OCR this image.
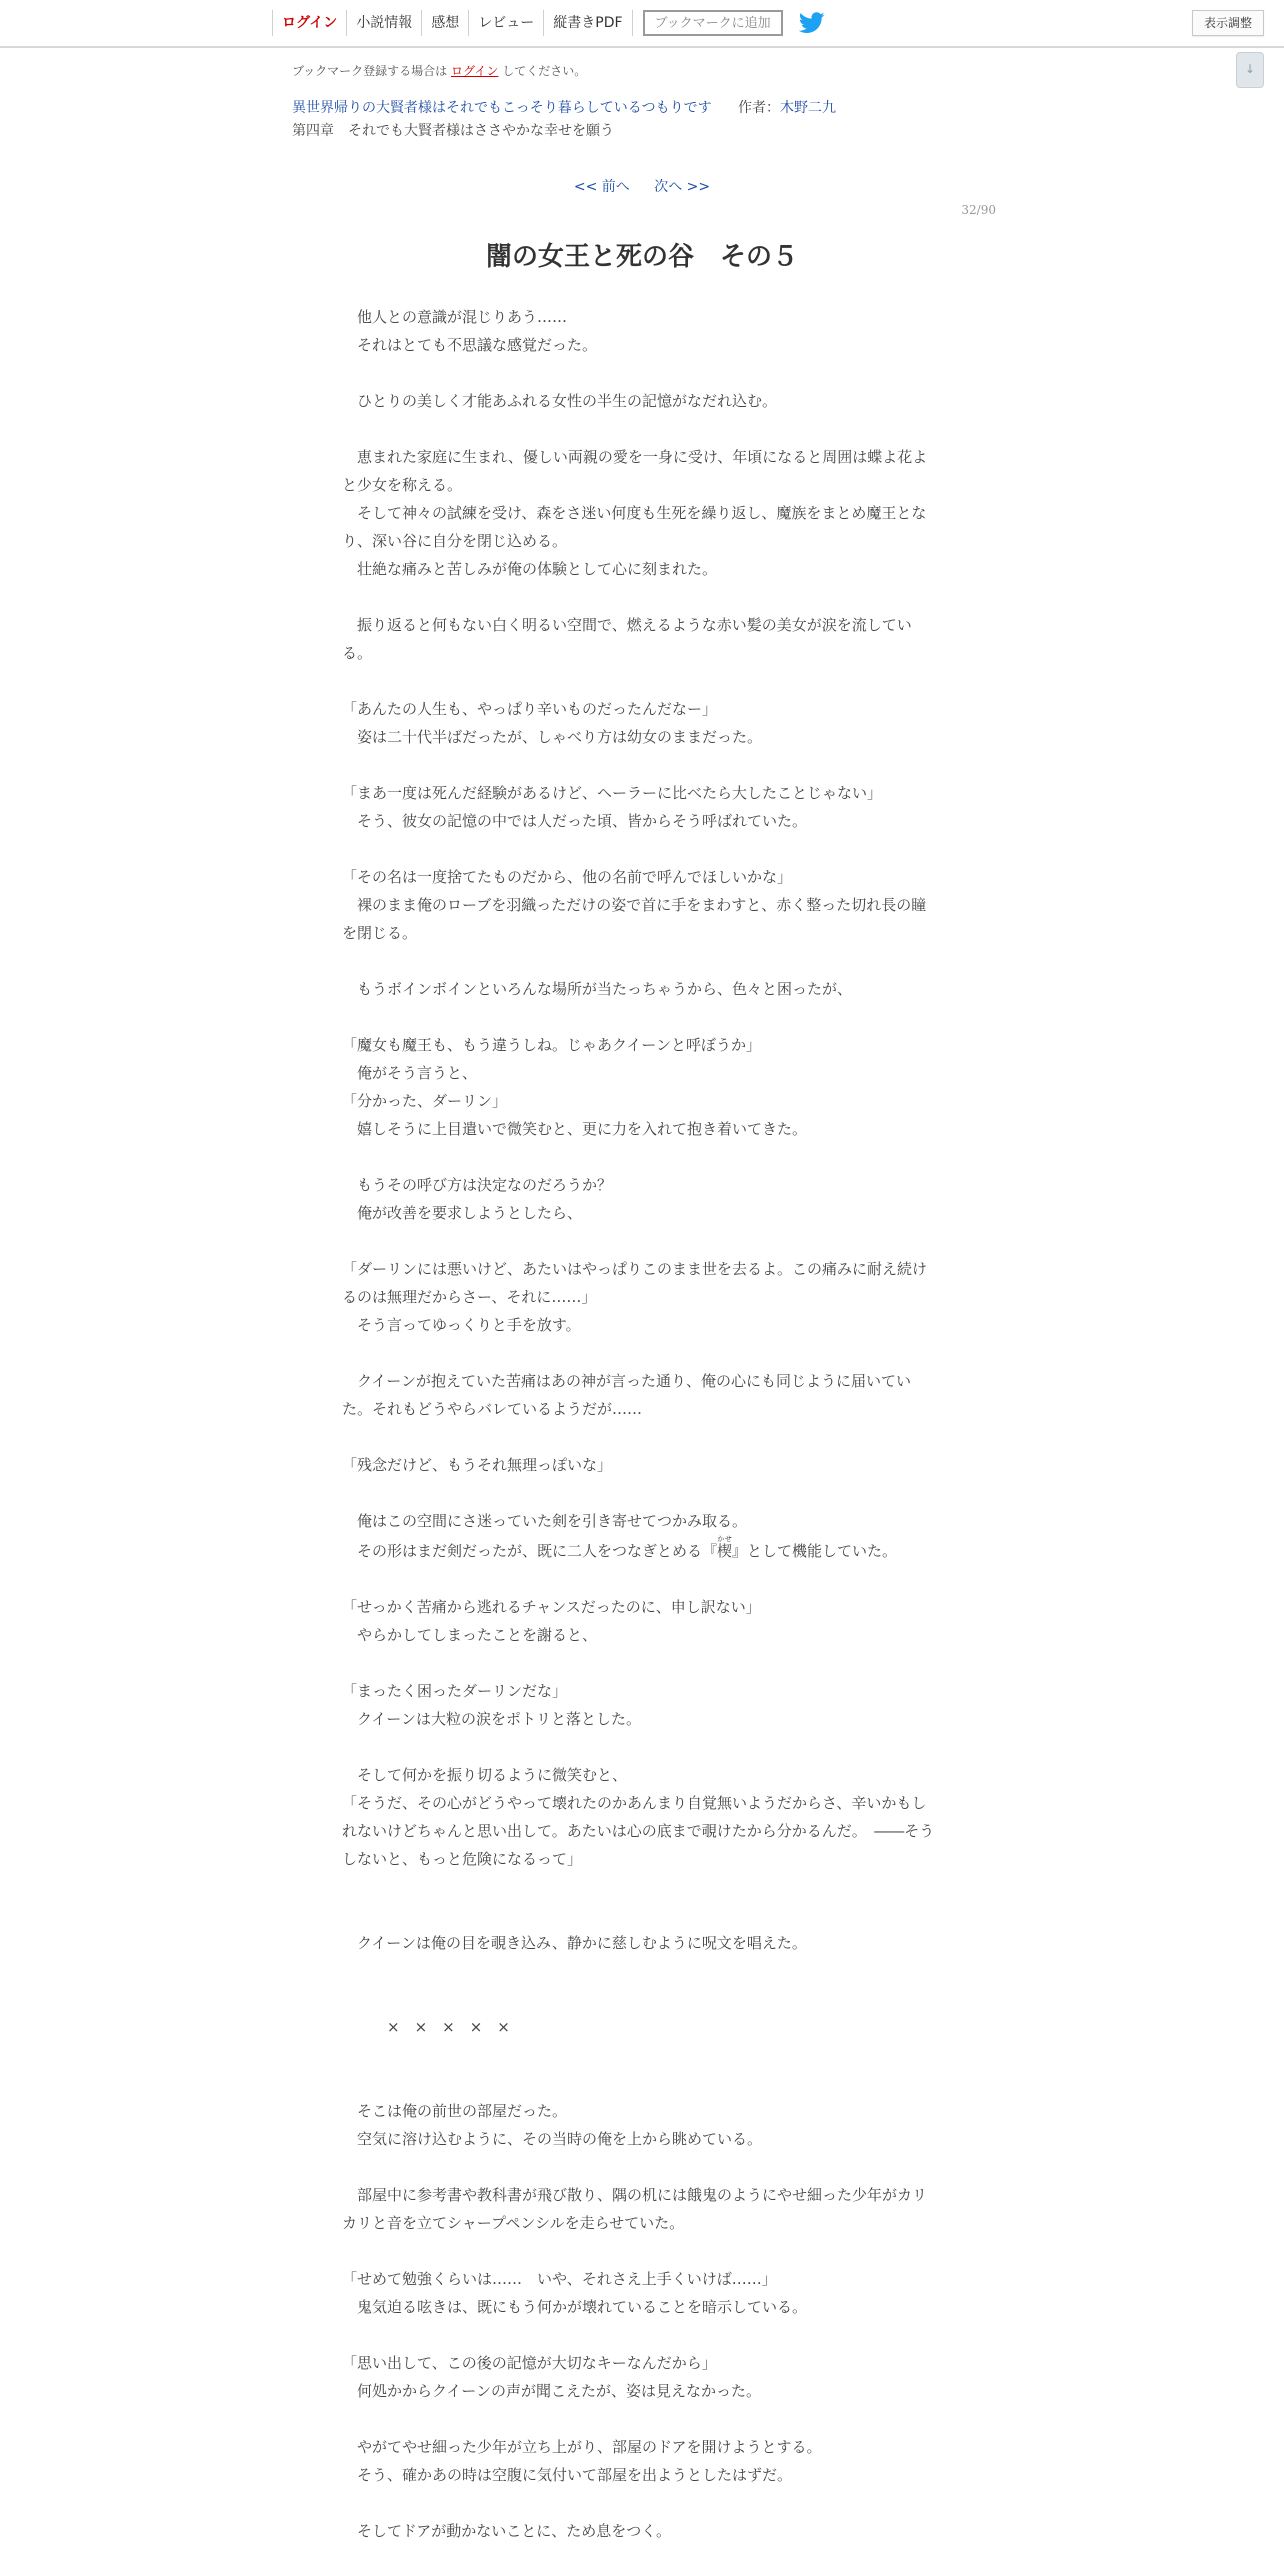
ログイン	小説情報	感想	レビュー	縦書きPDF	ブックマークに追加	表示調整
↓
ブックマーク登録する場合は ログイン してください。
異世界帰りの大賢者様はそれでもこっそり暮らしているつもりです 作者：木野二九
第四章　それでも大賢者様はささやかな幸せを願う
<< 前へ 次へ >>
32/90
闇の女王と死の谷　その５
他人との意識が混じりあう……
それはとても不思議な感覚だった。
ひとりの美しく才能あふれる女性の半生の記憶がなだれ込む。
恵まれた家庭に生まれ、優しい両親の愛を一身に受け、年頃になると周囲は蝶よ花よと少女を称える。
そして神々の試練を受け、森をさ迷い何度も生死を繰り返し、魔族をまとめ魔王となり、深い谷に自分を閉じ込める。
壮絶な痛みと苦しみが俺の体験として心に刻まれた。
振り返ると何もない白く明るい空間で、燃えるような赤い髪の美女が涙を流している。
「あんたの人生も、やっぱり辛いものだったんだなー」
姿は二十代半ばだったが、しゃべり方は幼女のままだった。
「まあ一度は死んだ経験があるけど、ヘーラーに比べたら大したことじゃない」
そう、彼女の記憶の中では人だった頃、皆からそう呼ばれていた。
「その名は一度捨てたものだから、他の名前で呼んでほしいかな」
裸のまま俺のローブを羽織っただけの姿で首に手をまわすと、赤く整った切れ長の瞳を閉じる。
もうボインボインといろんな場所が当たっちゃうから、色々と困ったが、
「魔女も魔王も、もう違うしね。じゃあクイーンと呼ぼうか」
俺がそう言うと、
「分かった、ダーリン」
嬉しそうに上目遣いで微笑むと、更に力を入れて抱き着いてきた。
もうその呼び方は決定なのだろうか？
俺が改善を要求しようとしたら、
「ダーリンには悪いけど、あたいはやっぱりこのまま世を去るよ。この痛みに耐え続けるのは無理だからさー、それに……」
そう言ってゆっくりと手を放す。
クイーンが抱えていた苦痛はあの神が言った通り、俺の心にも同じように届いていた。それもどうやらバレているようだが……
「残念だけど、もうそれ無理っぽいな」
俺はこの空間にさ迷っていた剣を引き寄せてつかみ取る。
その形はまだ剣だったが、既に二人をつなぎとめる『楔かせ』として機能していた。
「せっかく苦痛から逃れるチャンスだったのに、申し訳ない」
やらかしてしまったことを謝ると、
「まったく困ったダーリンだな」
クイーンは大粒の涙をポトリと落とした。
そして何かを振り切るように微笑むと、
「そうだ、その心がどうやって壊れたのかあんまり自覚無いようだからさ、辛いかもしれないけどちゃんと思い出して。あたいは心の底まで覗けたから分かるんだ。　――そうしないと、もっと危険になるって」
クイーンは俺の目を覗き込み、静かに慈しむように呪文を唱えた。
×　×　×　×　×
そこは俺の前世の部屋だった。
空気に溶け込むように、その当時の俺を上から眺めている。
部屋中に参考書や教科書が飛び散り、隅の机には餓鬼のようにやせ細った少年がカリカリと音を立てシャープペンシルを走らせていた。
「せめて勉強くらいは……　いや、それさえ上手くいけば……」
鬼気迫る呟きは、既にもう何かが壊れていることを暗示している。
「思い出して、この後の記憶が大切なキーなんだから」
何処かからクイーンの声が聞こえたが、姿は見えなかった。
やがてやせ細った少年が立ち上がり、部屋のドアを開けようとする。
そう、確かあの時は空腹に気付いて部屋を出ようとしたはずだ。
そしてドアが動かないことに、ため息をつく。
